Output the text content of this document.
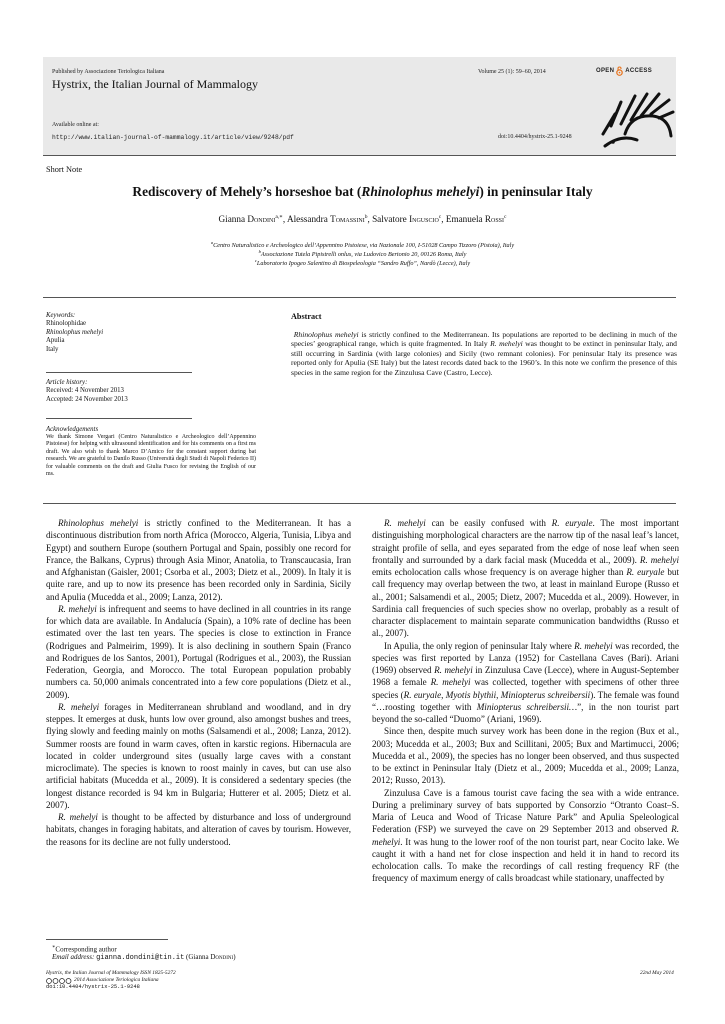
Published by Associazione Teriologica Italiana
Hystrix, the Italian Journal of Mammalogy
Available online at:
http://www.italian-journal-of-mammalogy.it/article/view/9248/pdf
Volume 25 (1): 59–60, 2014
doi:10.4404/hystrix-25.1-9248
OPEN ACCESS
Short Note
Rediscovery of Mehely’s horseshoe bat (Rhinolophus mehelyi) in peninsular Italy
Gianna Dondini$^{a,∗}$, Alessandra Tomassini$^b$, Salvatore Inguscio$^c$, Emanuela Rossi$^c$
$^a$Centro Naturalistico e Archeologico dell’Appennino Pistoiese, via Nazionale 100, I-51028 Campo Tizzoro (Pistoia), Italy
$^b$Associazione Tutela Pipistrelli onlus, via Ludovico Bertonio 20, 00126 Roma, Italy
$^c$Laboratorio Ipogeo Salentino di Biospeleologia “Sandro Ruffo”, Nardò (Lecce), Italy
Keywords:
Rhinolophidae
Rhinolophus mehelyi
Apulia
Italy
Article history:
Received: 4 November 2013
Accepted: 24 November 2013
Acknowledgements
We thank Simone Vergari (Centro Naturalistico e Archeologico dell’Appennino Pistoiese) for helping with ultrasound identification and for his comments on a first ms draft. We also wish to thank Marco D’Amico for the constant support during bat research. We are grateful to Danilo Russo (Università degli Studi di Napoli Federico II) for valuable comments on the draft and Giulia Fusco for revising the English of our ms.
Abstract
Rhinolophus mehelyi is strictly confined to the Mediterranean. Its populations are reported to be declining in much of the species’ geographical range, which is quite fragmented. In Italy R. mehelyi was thought to be extinct in peninsular Italy, and still occurring in Sardinia (with large colonies) and Sicily (two remnant colonies). For peninsular Italy its presence was reported only for Apulia (SE Italy) but the latest records dated back to the 1960’s. In this note we confirm the presence of this species in the same region for the Zinzulusa Cave (Castro, Lecce).

Rhinolophus mehelyi is strictly confined to the Mediterranean. It has a discontinuous distribution from north Africa (Morocco, Algeria, Tunisia, Libya and Egypt) and southern Europe (southern Portugal and Spain, possibly one record for France, the Balkans, Cyprus) through Asia Minor, Anatolia, to Transcaucasia, Iran and Afghanistan (Gaisler, 2001; Csorba et al., 2003; Dietz et al., 2009). In Italy it is quite rare, and up to now its presence has been recorded only in Sardinia, Sicily and Apulia (Mucedda et al., 2009; Lanza, 2012).

R. mehelyi is infrequent and seems to have declined in all countries in its range for which data are available. In Andalucía (Spain), a 10% rate of decline has been estimated over the last ten years. The species is close to extinction in France (Rodrigues and Palmeirim, 1999). It is also declining in southern Spain (Franco and Rodrigues de los Santos, 2001), Portugal (Rodrigues et al., 2003), the Russian Federation, Georgia, and Morocco. The total European population probably numbers ca. 50,000 animals concentrated into a few core populations (Dietz et al., 2009).

R. mehelyi forages in Mediterranean shrubland and woodland, and in dry steppes. It emerges at dusk, hunts low over ground, also amongst bushes and trees, flying slowly and feeding mainly on moths (Salsamendi et al., 2008; Lanza, 2012). Summer roosts are found in warm caves, often in karstic regions. Hibernacula are located in colder underground sites (usually large caves with a constant microclimate). The species is known to roost mainly in caves, but can use also artificial habitats (Mucedda et al., 2009). It is considered a sedentary species (the longest distance recorded is 94 km in Bulgaria; Hutterer et al. 2005; Dietz et al. 2007).

R. mehelyi is thought to be affected by disturbance and loss of underground habitats, changes in foraging habitats, and alteration of caves by tourism. However, the reasons for its decline are not fully understood.

R. mehelyi can be easily confused with R. euryale. The most important distinguishing morphological characters are the narrow tip of the nasal leaf’s lancet, straight profile of sella, and eyes separated from the edge of nose leaf when seen frontally and surrounded by a dark facial mask (Mucedda et al., 2009). R. mehelyi emits echolocation calls whose frequency is on average higher than R. euryale but call frequency may overlap between the two, at least in mainland Europe (Russo et al., 2001; Salsamendi et al., 2005; Dietz, 2007; Mucedda et al., 2009). However, in Sardinia call frequencies of such species show no overlap, probably as a result of character displacement to maintain separate communication bandwidths (Russo et al., 2007).

In Apulia, the only region of peninsular Italy where R. mehelyi was recorded, the species was first reported by Lanza (1952) for Castellana Caves (Bari). Ariani (1969) observed R. mehelyi in Zinzulusa Cave (Lecce), where in August-September 1968 a female R. mehelyi was collected, together with specimens of other three species (R. euryale, Myotis blythii, Miniopterus schreibersii). The female was found “…roosting together with Miniopterus schreibersii…”, in the non tourist part beyond the so-called “Duomo” (Ariani, 1969).

Since then, despite much survey work has been done in the region (Bux et al., 2003; Mucedda et al., 2003; Bux and Scillitani, 2005; Bux and Martimucci, 2006; Mucedda et al., 2009), the species has no longer been observed, and thus suspected to be extinct in Peninsular Italy (Dietz et al., 2009; Mucedda et al., 2009; Lanza, 2012; Russo, 2013).

Zinzulusa Cave is a famous tourist cave facing the sea with a wide entrance. During a preliminary survey of bats supported by Consorzio “Otranto Coast–S. Maria of Leuca and Wood of Tricase Nature Park” and Apulia Speleological Federation (FSP) we surveyed the cave on 29 September 2013 and observed R. mehelyi. It was hung to the lower roof of the non tourist part, near Cocito lake. We caught it with a hand net for close inspection and held it in hand to record its echolocation calls. To make the recordings of call resting frequency RF (the frequency of maximum energy of calls broadcast while stationary, unaffected by

∗Corresponding author
Email address: gianna.dondini@tin.it (Gianna Dondini)
Hystrix, the Italian Journal of Mammalogy ISSN 1825-5272
2014 Associazione Teriologica Italiana
doi:10.4404/hystrix-25.1-9248
22nd May 2014
